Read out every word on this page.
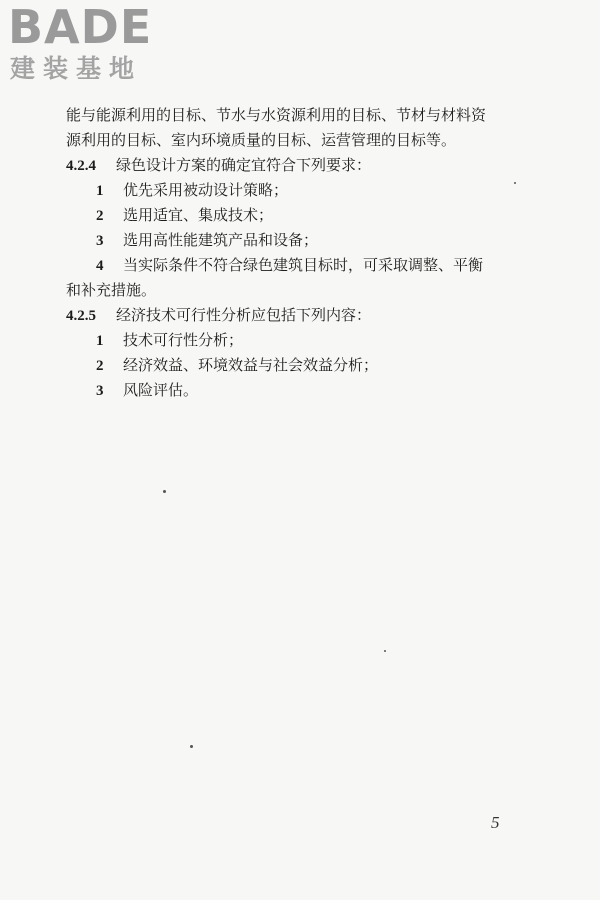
BADE
建装基地
能与能源利用的目标、节水与水资源利用的目标、节材与材料资
源利用的目标、室内环境质量的目标、运营管理的目标等。
4.2.4 绿色设计方案的确定宜符合下列要求：
1 优先采用被动设计策略；
2 选用适宜、集成技术；
3 选用高性能建筑产品和设备；
4 当实际条件不符合绿色建筑目标时，可采取调整、平衡
和补充措施。
4.2.5 经济技术可行性分析应包括下列内容：
1 技术可行性分析；
2 经济效益、环境效益与社会效益分析；
3 风险评估。
5
